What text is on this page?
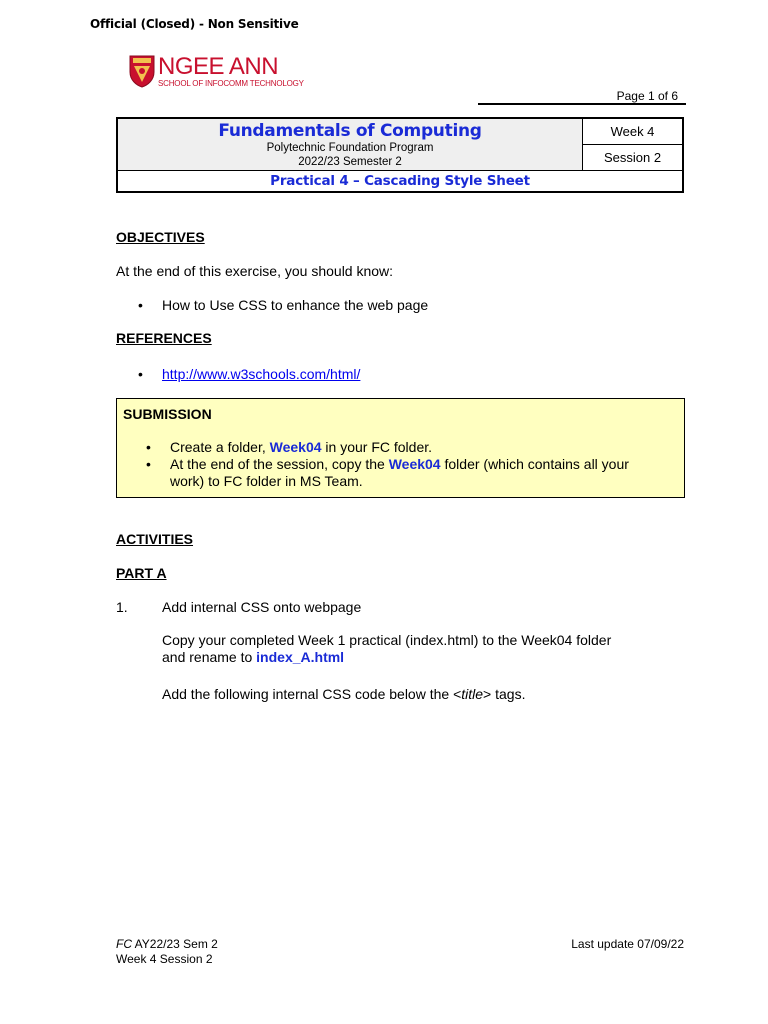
Official (Closed) - Non Sensitive
NGEE ANN
SCHOOL OF INFOCOMM TECHNOLOGY
Page 1 of 6
Fundamentals of Computing
Polytechnic Foundation Program
2022/23 Semester 2
Week 4
Session 2
Practical 4 – Cascading Style Sheet
OBJECTIVES
At the end of this exercise, you should know:
• How to Use CSS to enhance the web page
REFERENCES
• http://www.w3schools.com/html/
SUBMISSION
• Create a folder, Week04 in your FC folder.
• At the end of the session, copy the Week04 folder (which contains all your
work) to FC folder in MS Team.
ACTIVITIES
PART A
1. Add internal CSS onto webpage
Copy your completed Week 1 practical (index.html) to the Week04 folder
and rename to index_A.html
Add the following internal CSS code below the <title> tags.
FC AY22/23 Sem 2
Week 4 Session 2
Last update 07/09/22
